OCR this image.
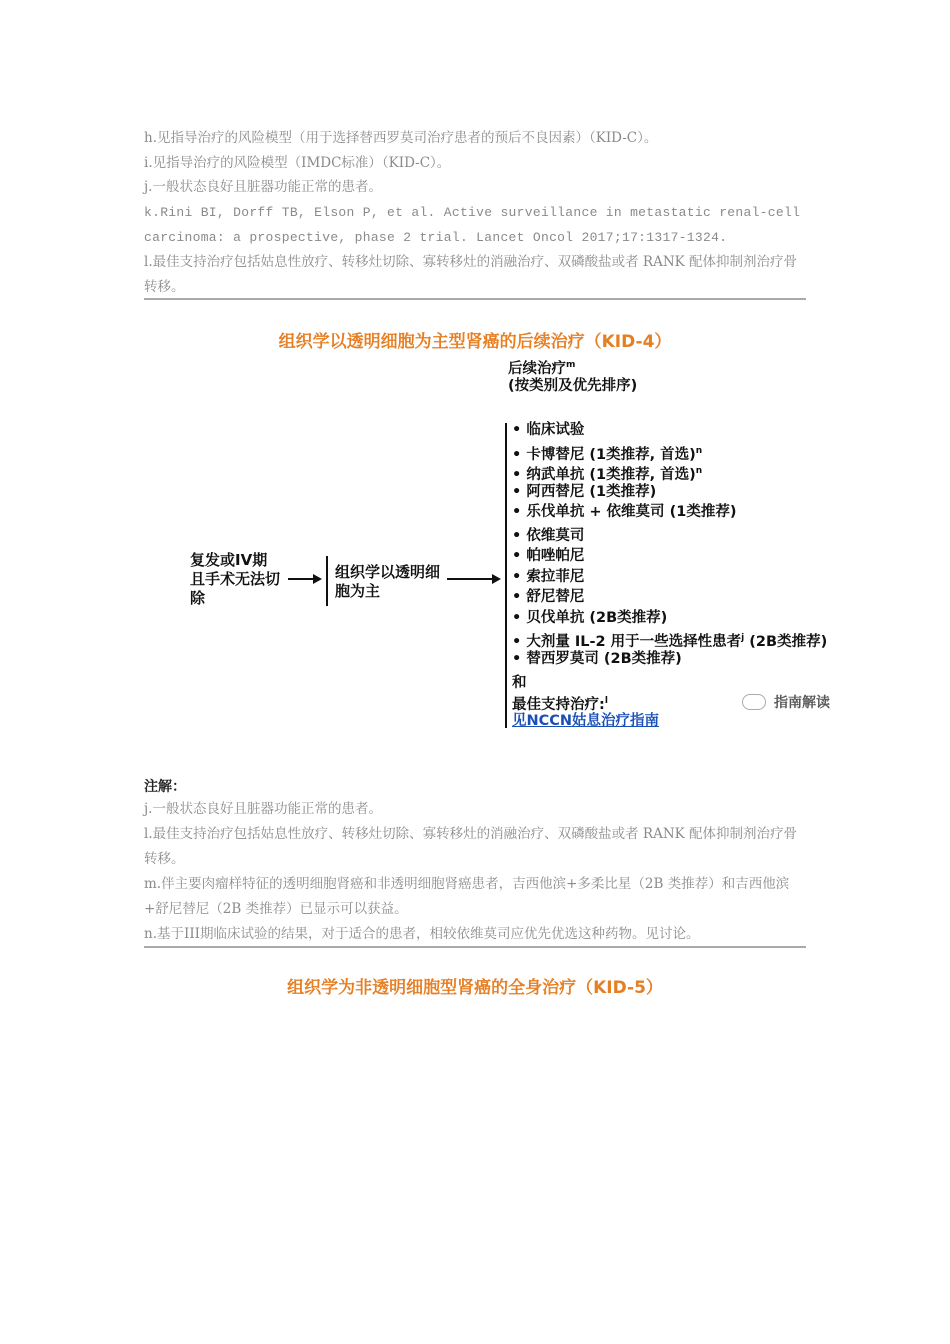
h.见指导治疗的风险模型（用于选择替西罗莫司治疗患者的预后不良因素）（KID-C）。

i.见指导治疗的风险模型（IMDC标准）（KID-C）。

j.一般状态良好且脏器功能正常的患者。

k.Rini BI, Dorff TB, Elson P, et al. Active surveillance in metastatic renal-cell carcinoma: a prospective, phase 2 trial. Lancet Oncol 2017;17:1317-1324.

l.最佳支持治疗包括姑息性放疗、转移灶切除、寡转移灶的消融治疗、双磷酸盐或者 RANK 配体抑制剂治疗骨转移。

组织学以透明细胞为主型肾癌的后续治疗（KID-4）

复发或IV期且手术无法切除

组织学以透明细胞为主

后续治疗$^m$

(按类别及优先排序)

• 临床试验
• 卡博替尼 (1类推荐, 首选)$^n$
• 纳武单抗 (1类推荐, 首选)$^n$
• 阿西替尼 (1类推荐)
• 乐伐单抗 + 依维莫司 (1类推荐)
• 依维莫司
• 帕唑帕尼
• 索拉菲尼
• 舒尼替尼
• 贝伐单抗 (2B类推荐)
• 大剂量 IL-2 用于一些选择性患者$^j$ (2B类推荐)
• 替西罗莫司 (2B类推荐)

和

最佳支持治疗:$^l$

见NCCN姑息治疗指南

指南解读

注解：

j.一般状态良好且脏器功能正常的患者。

l.最佳支持治疗包括姑息性放疗、转移灶切除、寡转移灶的消融治疗、双磷酸盐或者 RANK 配体抑制剂治疗骨转移。

m.伴主要肉瘤样特征的透明细胞肾癌和非透明细胞肾癌患者，吉西他滨+多柔比星（2B 类推荐）和吉西他滨+舒尼替尼（2B 类推荐）已显示可以获益。

n.基于III期临床试验的结果，对于适合的患者，相较依维莫司应优先优选这种药物。见讨论。

组织学为非透明细胞型肾癌的全身治疗（KID-5）
